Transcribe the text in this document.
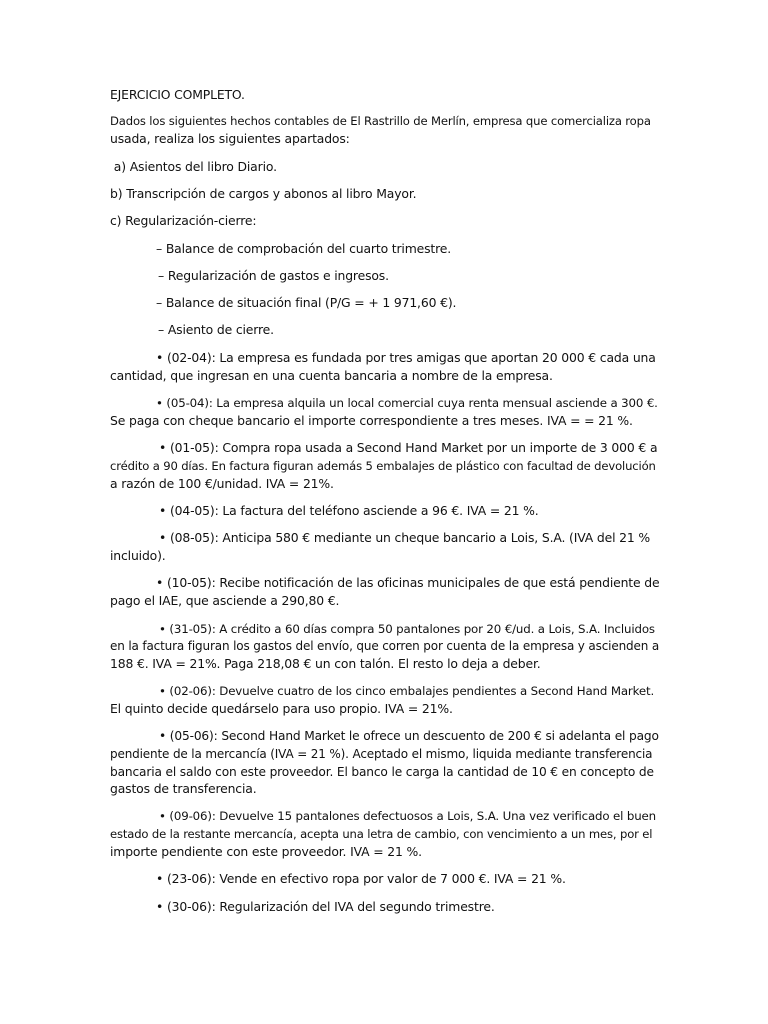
EJERCICIO COMPLETO.
Dados los siguientes hechos contables de El Rastrillo de Merlín, empresa que comercializa ropa
usada, realiza los siguientes apartados:
a) Asientos del libro Diario.
b) Transcripción de cargos y abonos al libro Mayor.
c) Regularización-cierre:
– Balance de comprobación del cuarto trimestre.
– Regularización de gastos e ingresos.
– Balance de situación final (P/G = + 1 971,60 €).
– Asiento de cierre.
• (02-04): La empresa es fundada por tres amigas que aportan 20 000 € cada una
cantidad, que ingresan en una cuenta bancaria a nombre de la empresa.
• (05-04): La empresa alquila un local comercial cuya renta mensual asciende a 300 €.
Se paga con cheque bancario el importe correspondiente a tres meses. IVA = = 21 %.
• (01-05): Compra ropa usada a Second Hand Market por un importe de 3 000 € a
crédito a 90 días. En factura figuran además 5 embalajes de plástico con facultad de devolución
a razón de 100 €/unidad. IVA = 21%.
• (04-05): La factura del teléfono asciende a 96 €. IVA = 21 %.
• (08-05): Anticipa 580 € mediante un cheque bancario a Lois, S.A. (IVA del 21 %
incluido).
• (10-05): Recibe notificación de las oficinas municipales de que está pendiente de
pago el IAE, que asciende a 290,80 €.
• (31-05): A crédito a 60 días compra 50 pantalones por 20 €/ud. a Lois, S.A. Incluidos
en la factura figuran los gastos del envío, que corren por cuenta de la empresa y ascienden a
188 €. IVA = 21%. Paga 218,08 € un con talón. El resto lo deja a deber.
• (02-06): Devuelve cuatro de los cinco embalajes pendientes a Second Hand Market.
El quinto decide quedárselo para uso propio. IVA = 21%.
• (05-06): Second Hand Market le ofrece un descuento de 200 € si adelanta el pago
pendiente de la mercancía (IVA = 21 %). Aceptado el mismo, liquida mediante transferencia
bancaria el saldo con este proveedor. El banco le carga la cantidad de 10 € en concepto de
gastos de transferencia.
• (09-06): Devuelve 15 pantalones defectuosos a Lois, S.A. Una vez verificado el buen
estado de la restante mercancía, acepta una letra de cambio, con vencimiento a un mes, por el
importe pendiente con este proveedor. IVA = 21 %.
• (23-06): Vende en efectivo ropa por valor de 7 000 €. IVA = 21 %.
• (30-06): Regularización del IVA del segundo trimestre.
